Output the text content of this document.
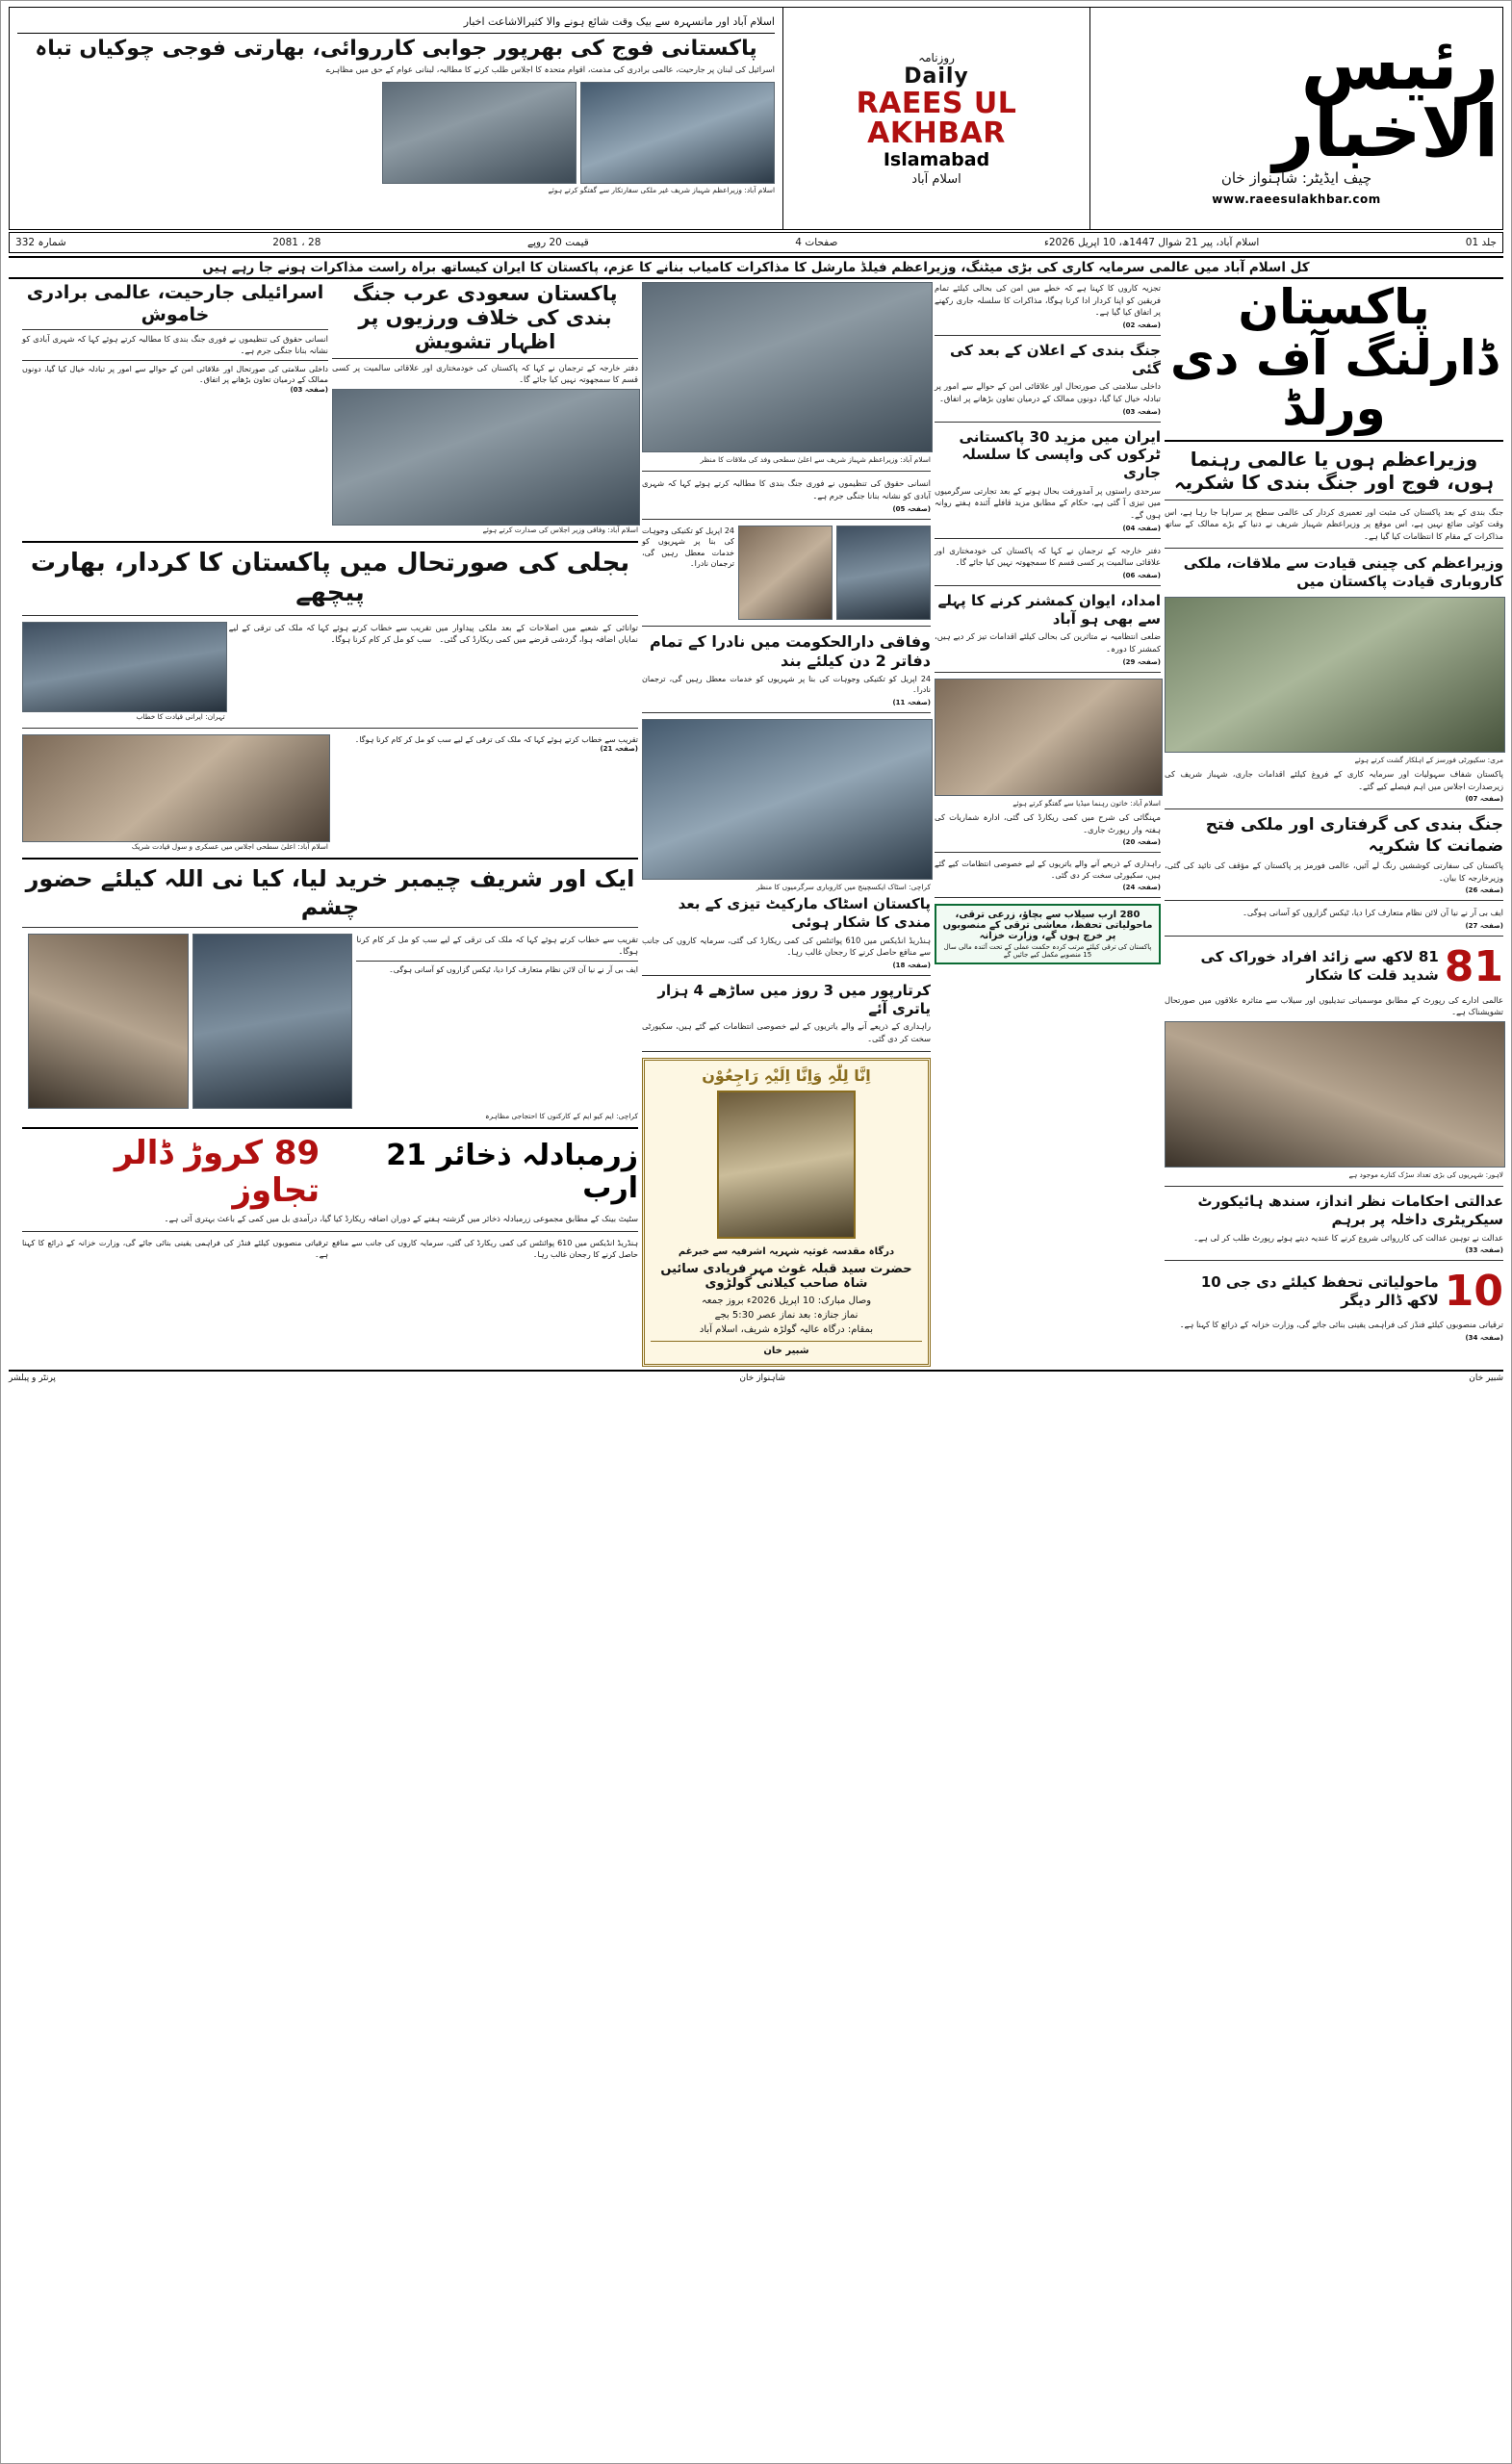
رئیس الاخبار
چیف ایڈیٹر: شاہنواز خان
www.raeesulakhbar.com
روزنامہ
Daily
RAEES UL AKHBAR
Islamabad
اسلام آباد
اسلام آباد اور مانسہرہ سے بیک وقت شائع ہونے والا کثیرالاشاعت اخبار
پاکستانی فوج کی بھرپور جوابی کارروائی، بھارتی فوجی چوکیاں تباہ
اسرائیل کی لبنان پر جارحیت، عالمی برادری کی مذمت، اقوام متحدہ کا اجلاس طلب کرنے کا مطالبہ، لبنانی عوام کے حق میں مظاہرے
اسلام آباد: وزیراعظم شہباز شریف غیر ملکی سفارتکار سے گفتگو کرتے ہوئے
جلد 01
اسلام آباد، پیر 21 شوال 1447ھ، 10 اپریل 2026ء
صفحات 4
قیمت 20 روپے
28 ، 2081
شمارہ 332
کل اسلام آباد میں عالمی سرمایہ کاری کی بڑی میٹنگ، وزیراعظم فیلڈ مارشل کا مذاکرات کامیاب بنانے کا عزم، پاکستان کا ایران کیساتھ براہ راست مذاکرات ہونے جا رہے ہیں
پاکستان ڈارلنگ آف دی ورلڈ
وزیراعظم ہوں یا عالمی رہنما ہوں، فوج اور جنگ بندی کا شکریہ
جنگ بندی کے بعد پاکستان کی مثبت اور تعمیری کردار کی عالمی سطح پر سراہا جا رہا ہے، اس وقت کوئی ضائع نہیں ہے، اس موقع پر وزیراعظم شہباز شریف نے دنیا کے بڑے ممالک کے ساتھ مذاکرات کے مقام کا انتظامات کیا گیا ہے۔
وزیراعظم کی چینی قیادت سے ملاقات، ملکی کاروباری قیادت پاکستان میں
مری: سکیورٹی فورسز کے اہلکار گشت کرتے ہوئے
پاکستان شفاف سہولیات اور سرمایہ کاری کے فروغ کیلئے اقدامات جاری، شہباز شریف کی زیرصدارت اجلاس میں اہم فیصلے کیے گئے۔
(صفحہ 07)
جنگ بندی کی گرفتاری اور ملکی فتح ضمانت کا شکریہ
پاکستان کی سفارتی کوششیں رنگ لے آئیں، عالمی فورمز پر پاکستان کے مؤقف کی تائید کی گئی، وزیرخارجہ کا بیان۔
(صفحہ 26)
ایف بی آر نے نیا آن لائن نظام متعارف کرا دیا، ٹیکس گزاروں کو آسانی ہوگی۔
(صفحہ 27)
81
81 لاکھ سے زائد افراد خوراک کی شدید قلت کا شکار
عالمی ادارے کی رپورٹ کے مطابق موسمیاتی تبدیلیوں اور سیلاب سے متاثرہ علاقوں میں صورتحال تشویشناک ہے۔
لاہور: شہریوں کی بڑی تعداد سڑک کنارے موجود ہے
عدالتی احکامات نظر انداز، سندھ ہائیکورٹ سیکریٹری داخلہ پر برہم
عدالت نے توہین عدالت کی کارروائی شروع کرنے کا عندیہ دیتے ہوئے رپورٹ طلب کر لی ہے۔
(صفحہ 33)
10
ماحولیاتی تحفظ کیلئے دی جی 10 لاکھ ڈالر دیگر
ترقیاتی منصوبوں کیلئے فنڈز کی فراہمی یقینی بنائی جائے گی، وزارت خزانہ کے ذرائع کا کہنا ہے۔
(صفحہ 34)
تجزیہ کاروں کا کہنا ہے کہ خطے میں امن کی بحالی کیلئے تمام فریقین کو اپنا کردار ادا کرنا ہوگا، مذاکرات کا سلسلہ جاری رکھنے پر اتفاق کیا گیا ہے۔
(صفحہ 02)
جنگ بندی کے اعلان کے بعد کی گئی
داخلی سلامتی کی صورتحال اور علاقائی امن کے حوالے سے امور پر تبادلہ خیال کیا گیا، دونوں ممالک کے درمیان تعاون بڑھانے پر اتفاق۔
(صفحہ 03)
ایران میں مزید 30 پاکستانی ٹرکوں کی واپسی کا سلسلہ جاری
سرحدی راستوں پر آمدورفت بحال ہونے کے بعد تجارتی سرگرمیوں میں تیزی آ گئی ہے، حکام کے مطابق مزید قافلے آئندہ ہفتے روانہ ہوں گے۔
(صفحہ 04)
دفتر خارجہ کے ترجمان نے کہا کہ پاکستان کی خودمختاری اور علاقائی سالمیت پر کسی قسم کا سمجھوتہ نہیں کیا جائے گا۔
(صفحہ 06)
امداد، ایوان کمشنر کرنے کا پہلے سے بھی ہو آباد
ضلعی انتظامیہ نے متاثرین کی بحالی کیلئے اقدامات تیز کر دیے ہیں، کمشنر کا دورہ۔
(صفحہ 29)
اسلام آباد: خاتون رہنما میڈیا سے گفتگو کرتے ہوئے
مہنگائی کی شرح میں کمی ریکارڈ کی گئی، ادارہ شماریات کی ہفتہ وار رپورٹ جاری۔
(صفحہ 20)
راہداری کے ذریعے آنے والے یاتریوں کے لیے خصوصی انتظامات کیے گئے ہیں، سکیورٹی سخت کر دی گئی۔
(صفحہ 24)
280 ارب سیلاب سے بچاؤ، زرعی ترقی، ماحولیاتی تحفظ، معاشی ترقی کے منصوبوں پر خرچ ہوں گے، وزارت خزانہ
پاکستان کی ترقی کیلئے مرتب کردہ حکمت عملی کے تحت آئندہ مالی سال 15 منصوبے مکمل کیے جائیں گے
اسلام آباد: وزیراعظم شہباز شریف سے اعلیٰ سطحی وفد کی ملاقات کا منظر
انسانی حقوق کی تنظیموں نے فوری جنگ بندی کا مطالبہ کرتے ہوئے کہا کہ شہری آبادی کو نشانہ بنانا جنگی جرم ہے۔
(صفحہ 05)
24 اپریل کو تکنیکی وجوہات کی بنا پر شہریوں کو خدمات معطل رہیں گی، ترجمان نادرا۔
وفاقی دارالحکومت میں نادرا کے تمام دفاتر 2 دن کیلئے بند
24 اپریل کو تکنیکی وجوہات کی بنا پر شہریوں کو خدمات معطل رہیں گی، ترجمان نادرا۔
(صفحہ 11)
کراچی: اسٹاک ایکسچینج میں کاروباری سرگرمیوں کا منظر
پاکستان اسٹاک مارکیٹ تیزی کے بعد مندی کا شکار ہوئی
ہنڈریڈ انڈیکس میں 610 پوائنٹس کی کمی ریکارڈ کی گئی، سرمایہ کاروں کی جانب سے منافع حاصل کرنے کا رجحان غالب رہا۔
(صفحہ 18)
کرتارپور میں 3 روز میں ساڑھے 4 ہزار یاتری آئے
راہداری کے ذریعے آنے والے یاتریوں کے لیے خصوصی انتظامات کیے گئے ہیں، سکیورٹی سخت کر دی گئی۔
اِنَّا لِلّٰہِ وَاِنَّا اِلَیْہِ رَاجِعُوْن
درگاہ مقدسہ غوثیہ شہریہ اشرفیہ سے خبرغم
حضرت سید قبلہ غوث مہر فریادی سائیں شاہ صاحب کیلانی گولڑوی
وصال مبارک: 10 اپریل 2026ء بروز جمعہ
نماز جنازہ: بعد نماز عصر 5:30 بجے
بمقام: درگاہ عالیہ گولڑہ شریف، اسلام آباد
شبیر خان
پاکستان سعودی عرب جنگ بندی کی خلاف ورزیوں پر اظہار تشویش
دفتر خارجہ کے ترجمان نے کہا کہ پاکستان کی خودمختاری اور علاقائی سالمیت پر کسی قسم کا سمجھوتہ نہیں کیا جائے گا۔
اسلام آباد: وفاقی وزیر اجلاس کی صدارت کرتے ہوئے
اسرائیلی جارحیت، عالمی برادری خاموش
انسانی حقوق کی تنظیموں نے فوری جنگ بندی کا مطالبہ کرتے ہوئے کہا کہ شہری آبادی کو نشانہ بنانا جنگی جرم ہے۔
داخلی سلامتی کی صورتحال اور علاقائی امن کے حوالے سے امور پر تبادلہ خیال کیا گیا، دونوں ممالک کے درمیان تعاون بڑھانے پر اتفاق۔
(صفحہ 03)
بجلی کی صورتحال میں پاکستان کا کردار، بھارت پیچھے
توانائی کے شعبے میں اصلاحات کے بعد ملکی پیداوار میں نمایاں اضافہ ہوا، گردشی قرضے میں کمی ریکارڈ کی گئی۔
تقریب سے خطاب کرتے ہوئے کہا کہ ملک کی ترقی کے لیے سب کو مل کر کام کرنا ہوگا۔
تہران: ایرانی قیادت کا خطاب
تقریب سے خطاب کرتے ہوئے کہا کہ ملک کی ترقی کے لیے سب کو مل کر کام کرنا ہوگا۔
(صفحہ 21)
اسلام آباد: اعلیٰ سطحی اجلاس میں عسکری و سول قیادت شریک
ایک اور شریف چیمبر خرید لیا، کیا نی اللہ کیلئے حضور چشم
تقریب سے خطاب کرتے ہوئے کہا کہ ملک کی ترقی کے لیے سب کو مل کر کام کرنا ہوگا۔
ایف بی آر نے نیا آن لائن نظام متعارف کرا دیا، ٹیکس گزاروں کو آسانی ہوگی۔
کراچی: ایم کیو ایم کے کارکنوں کا احتجاجی مظاہرہ
زرمبادلہ ذخائر 21 ارب
89 کروڑ ڈالر تجاوز
سٹیٹ بینک کے مطابق مجموعی زرمبادلہ ذخائر میں گزشتہ ہفتے کے دوران اضافہ ریکارڈ کیا گیا، درآمدی بل میں کمی کے باعث بہتری آئی ہے۔
ہنڈریڈ انڈیکس میں 610 پوائنٹس کی کمی ریکارڈ کی گئی، سرمایہ کاروں کی جانب سے منافع حاصل کرنے کا رجحان غالب رہا۔
ترقیاتی منصوبوں کیلئے فنڈز کی فراہمی یقینی بنائی جائے گی، وزارت خزانہ کے ذرائع کا کہنا ہے۔
شبیر خان
شاہنواز خان
پرنٹر و پبلشر
